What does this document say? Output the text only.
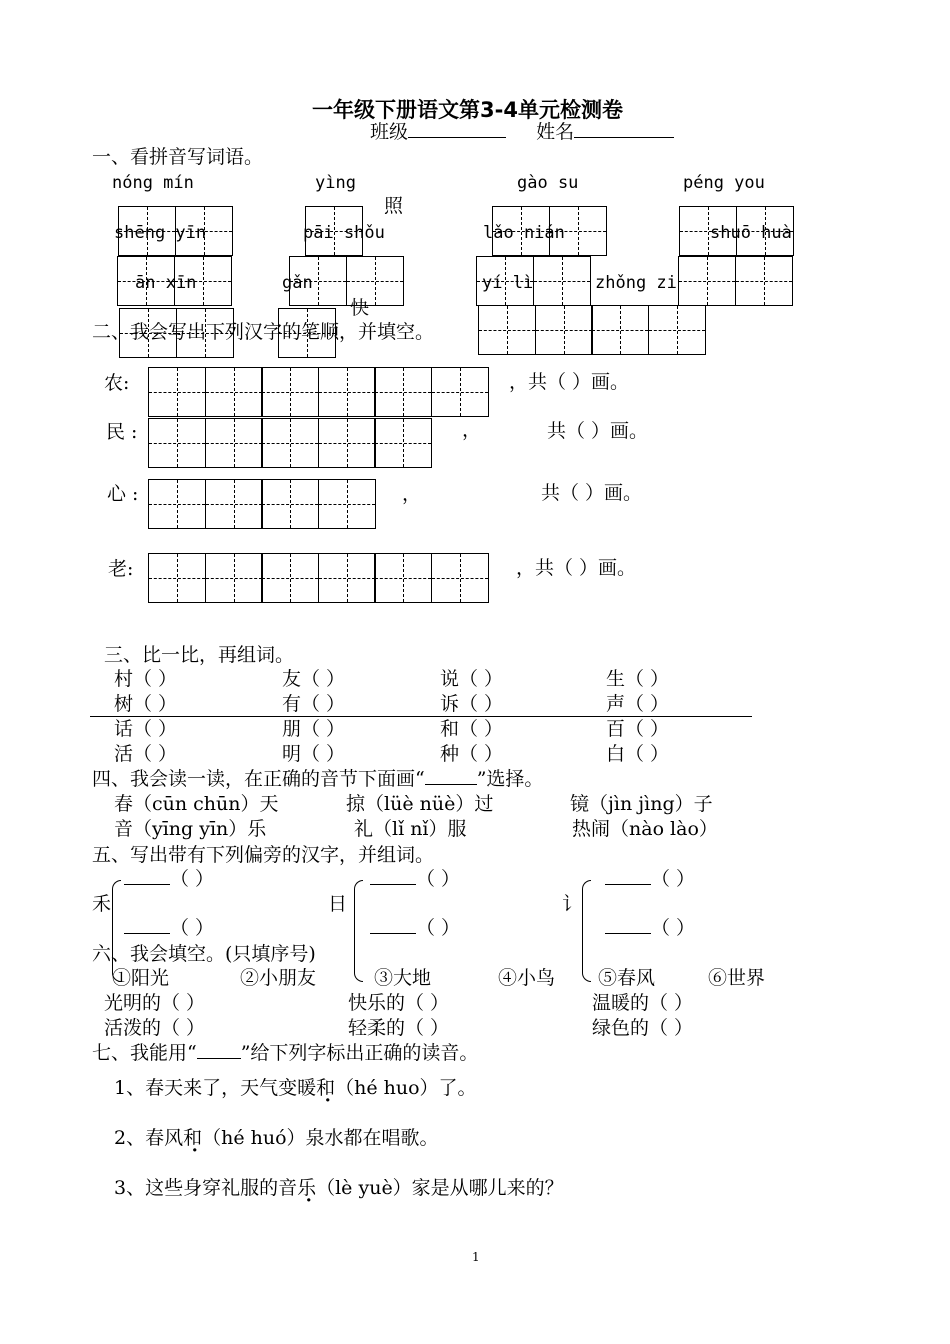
一年级下册语文第3-4单元检测卷
班级	姓名
一、看拼音写词语。
nóng mín	yìng	gào su	péng you
照
shēng yīn	pāi shǒu	lǎo nián	shuō huà
ān xīn	gǎn	yí lì	zhǒng zi
快
二、我会写出下列汉字的笔顺，并填空。
农:	，共（ ）画。
民 :	，	共（ ）画。
心 :	，	共（ ）画。
老:	，共（ ）画。
三、比一比，再组词。
村（ ）	友（ ）	说（ ）	生（ ）
树（ ）	有（ ）	诉（ ）	声（ ）
话（ ）	朋（ ）	和（ ）	百（ ）
活（ ）	明（ ）	种（ ）	白（ ）
四、我会读一读，在正确的音节下面画“	”选择。
春（cūn chūn）天	掠（lüè nüè）过	镜（jìn jìng）子
音（yīng yīn）乐	礼（lǐ nǐ）服	热闹（nào lào）
五、写出带有下列偏旁的汉字，并组词。
（ ）
禾
（ ）
（ ）
日
（ ）
（ ）
讠
（ ）
六、我会填空。(只填序号)
①阳光	②小朋友	③大地	④小鸟 ⑤春风	⑥世界
光明的（ ）	快乐的（ ）	温暖的（ ）
活泼的（ ）	轻柔的（ ）	绿色的（ ）
七、我能用“ ”给下列字标出正确的读音。
1、春天来了，天气变暖和（hé huo）了。
2、春风和（hé huó）泉水都在唱歌。
3、这些身穿礼服的音乐（lè yuè）家是从哪儿来的？
1
